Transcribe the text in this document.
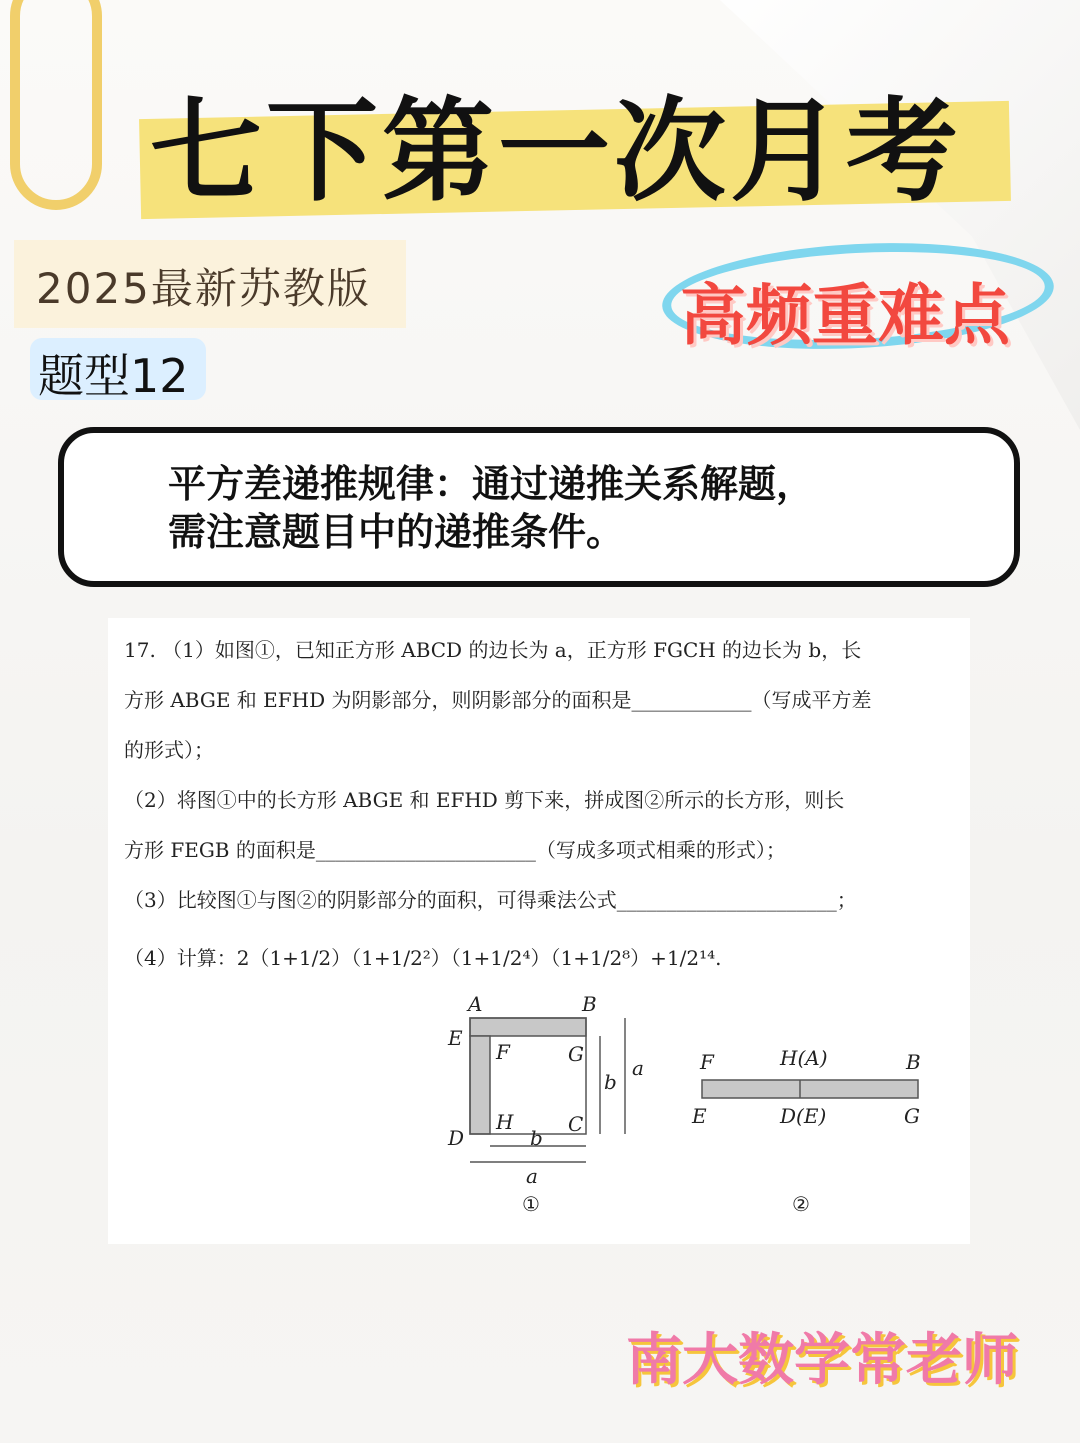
七下第一次月考
2025最新苏教版	高频重难点
题型12
平方差递推规律：通过递推关系解题，
需注意题目中的递推条件。
17. （1）如图①，已知正方形 ABCD 的边长为 a，正方形 FGCH 的边长为 b，长
方形 ABGE 和 EFHD 为阴影部分，则阴影部分的面积是____________（写成平方差
的形式）；
（2）将图①中的长方形 ABGE 和 EFHD 剪下来，拼成图②所示的长方形，则长
方形 FEGB 的面积是______________________（写成多项式相乘的形式）；
（3）比较图①与图②的阴影部分的面积，可得乘法公式______________________；
（4）计算：2（1+1/2）（1+1/2²）（1+1/2⁴）（1+1/2⁸）+1/2¹⁴.
A	B
E
F	G
a
b
H	C
D	b
a
①
F	H(A)	B
E	D(E)	G
②
南大数学常老师
